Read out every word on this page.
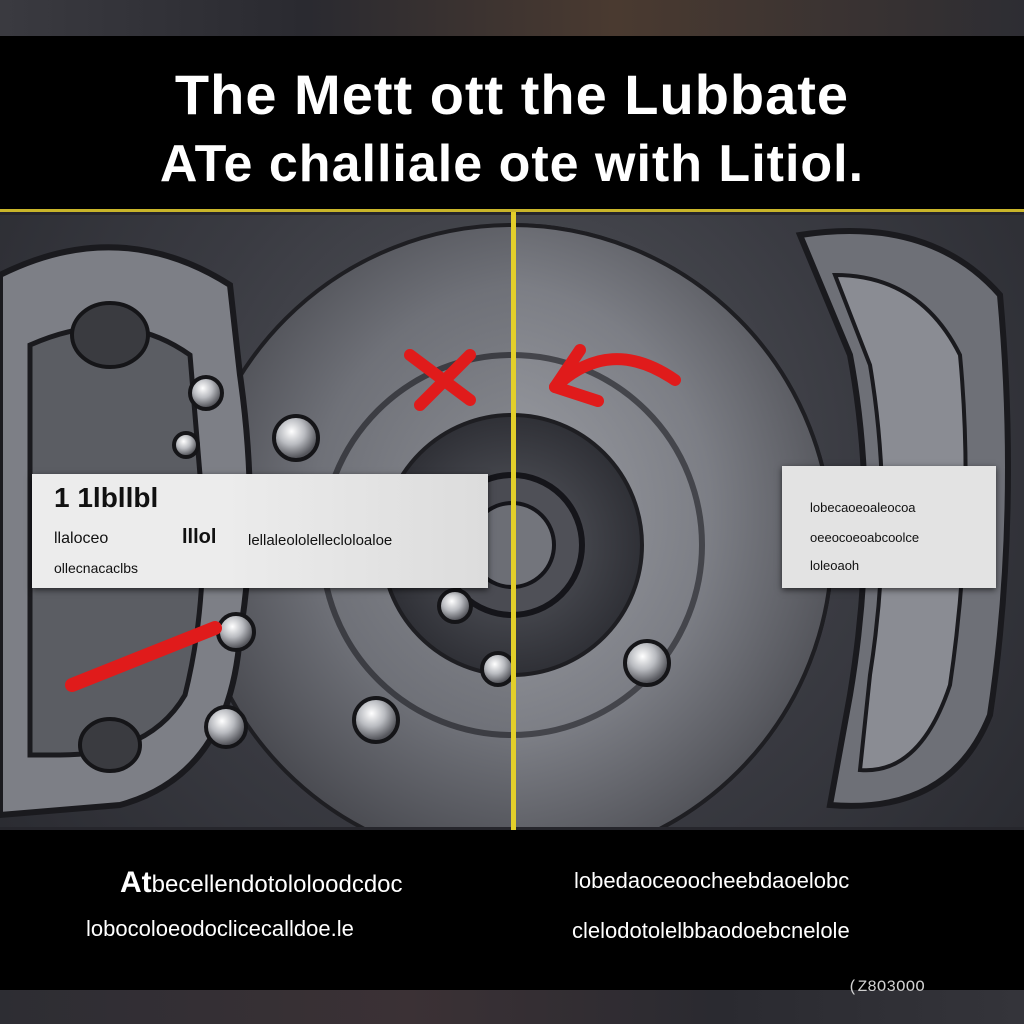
The Mett ott the Lubbate
ATe challiale ote with Litiol.
1 1lbllbl
llaloceo	lllol lellaleololellecloloaloe
ollecnacaclbs
lobecaoeoaleocoa
oeeocoeoabcoolce
loleoaoh
Atbecellendotololoodcdoc
lobocoloeodoclicecalldoe.le
lobedaoceoocheebdaoelobc
clelodotolelbbaodoebcnelole
(Z8O3OOO
